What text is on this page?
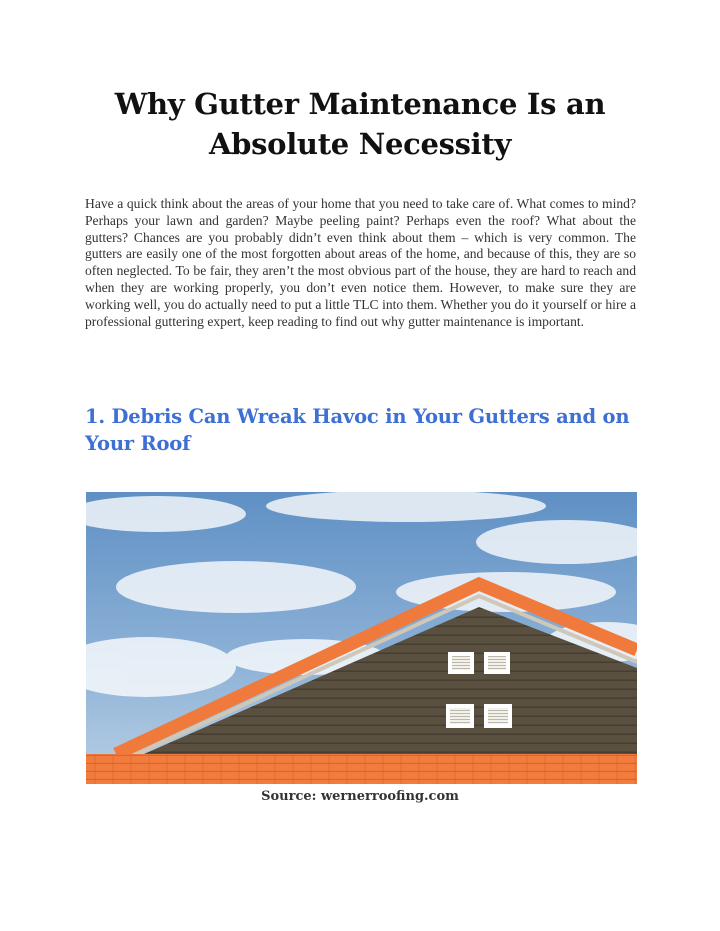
Why Gutter Maintenance Is an Absolute Necessity

Have a quick think about the areas of your home that you need to take care of. What comes to mind? Perhaps your lawn and garden? Maybe peeling paint? Perhaps even the roof? What about the gutters? Chances are you probably didn’t even think about them – which is very common. The gutters are easily one of the most forgotten about areas of the home, and because of this, they are so often neglected. To be fair, they aren’t the most obvious part of the house, they are hard to reach and when they are working properly, you don’t even notice them. However, to make sure they are working well, you do actually need to put a little TLC into them. Whether you do it yourself or hire a professional guttering expert, keep reading to find out why gutter maintenance is important.

1. Debris Can Wreak Havoc in Your Gutters and on Your Roof

Source: wernerroofing.com
